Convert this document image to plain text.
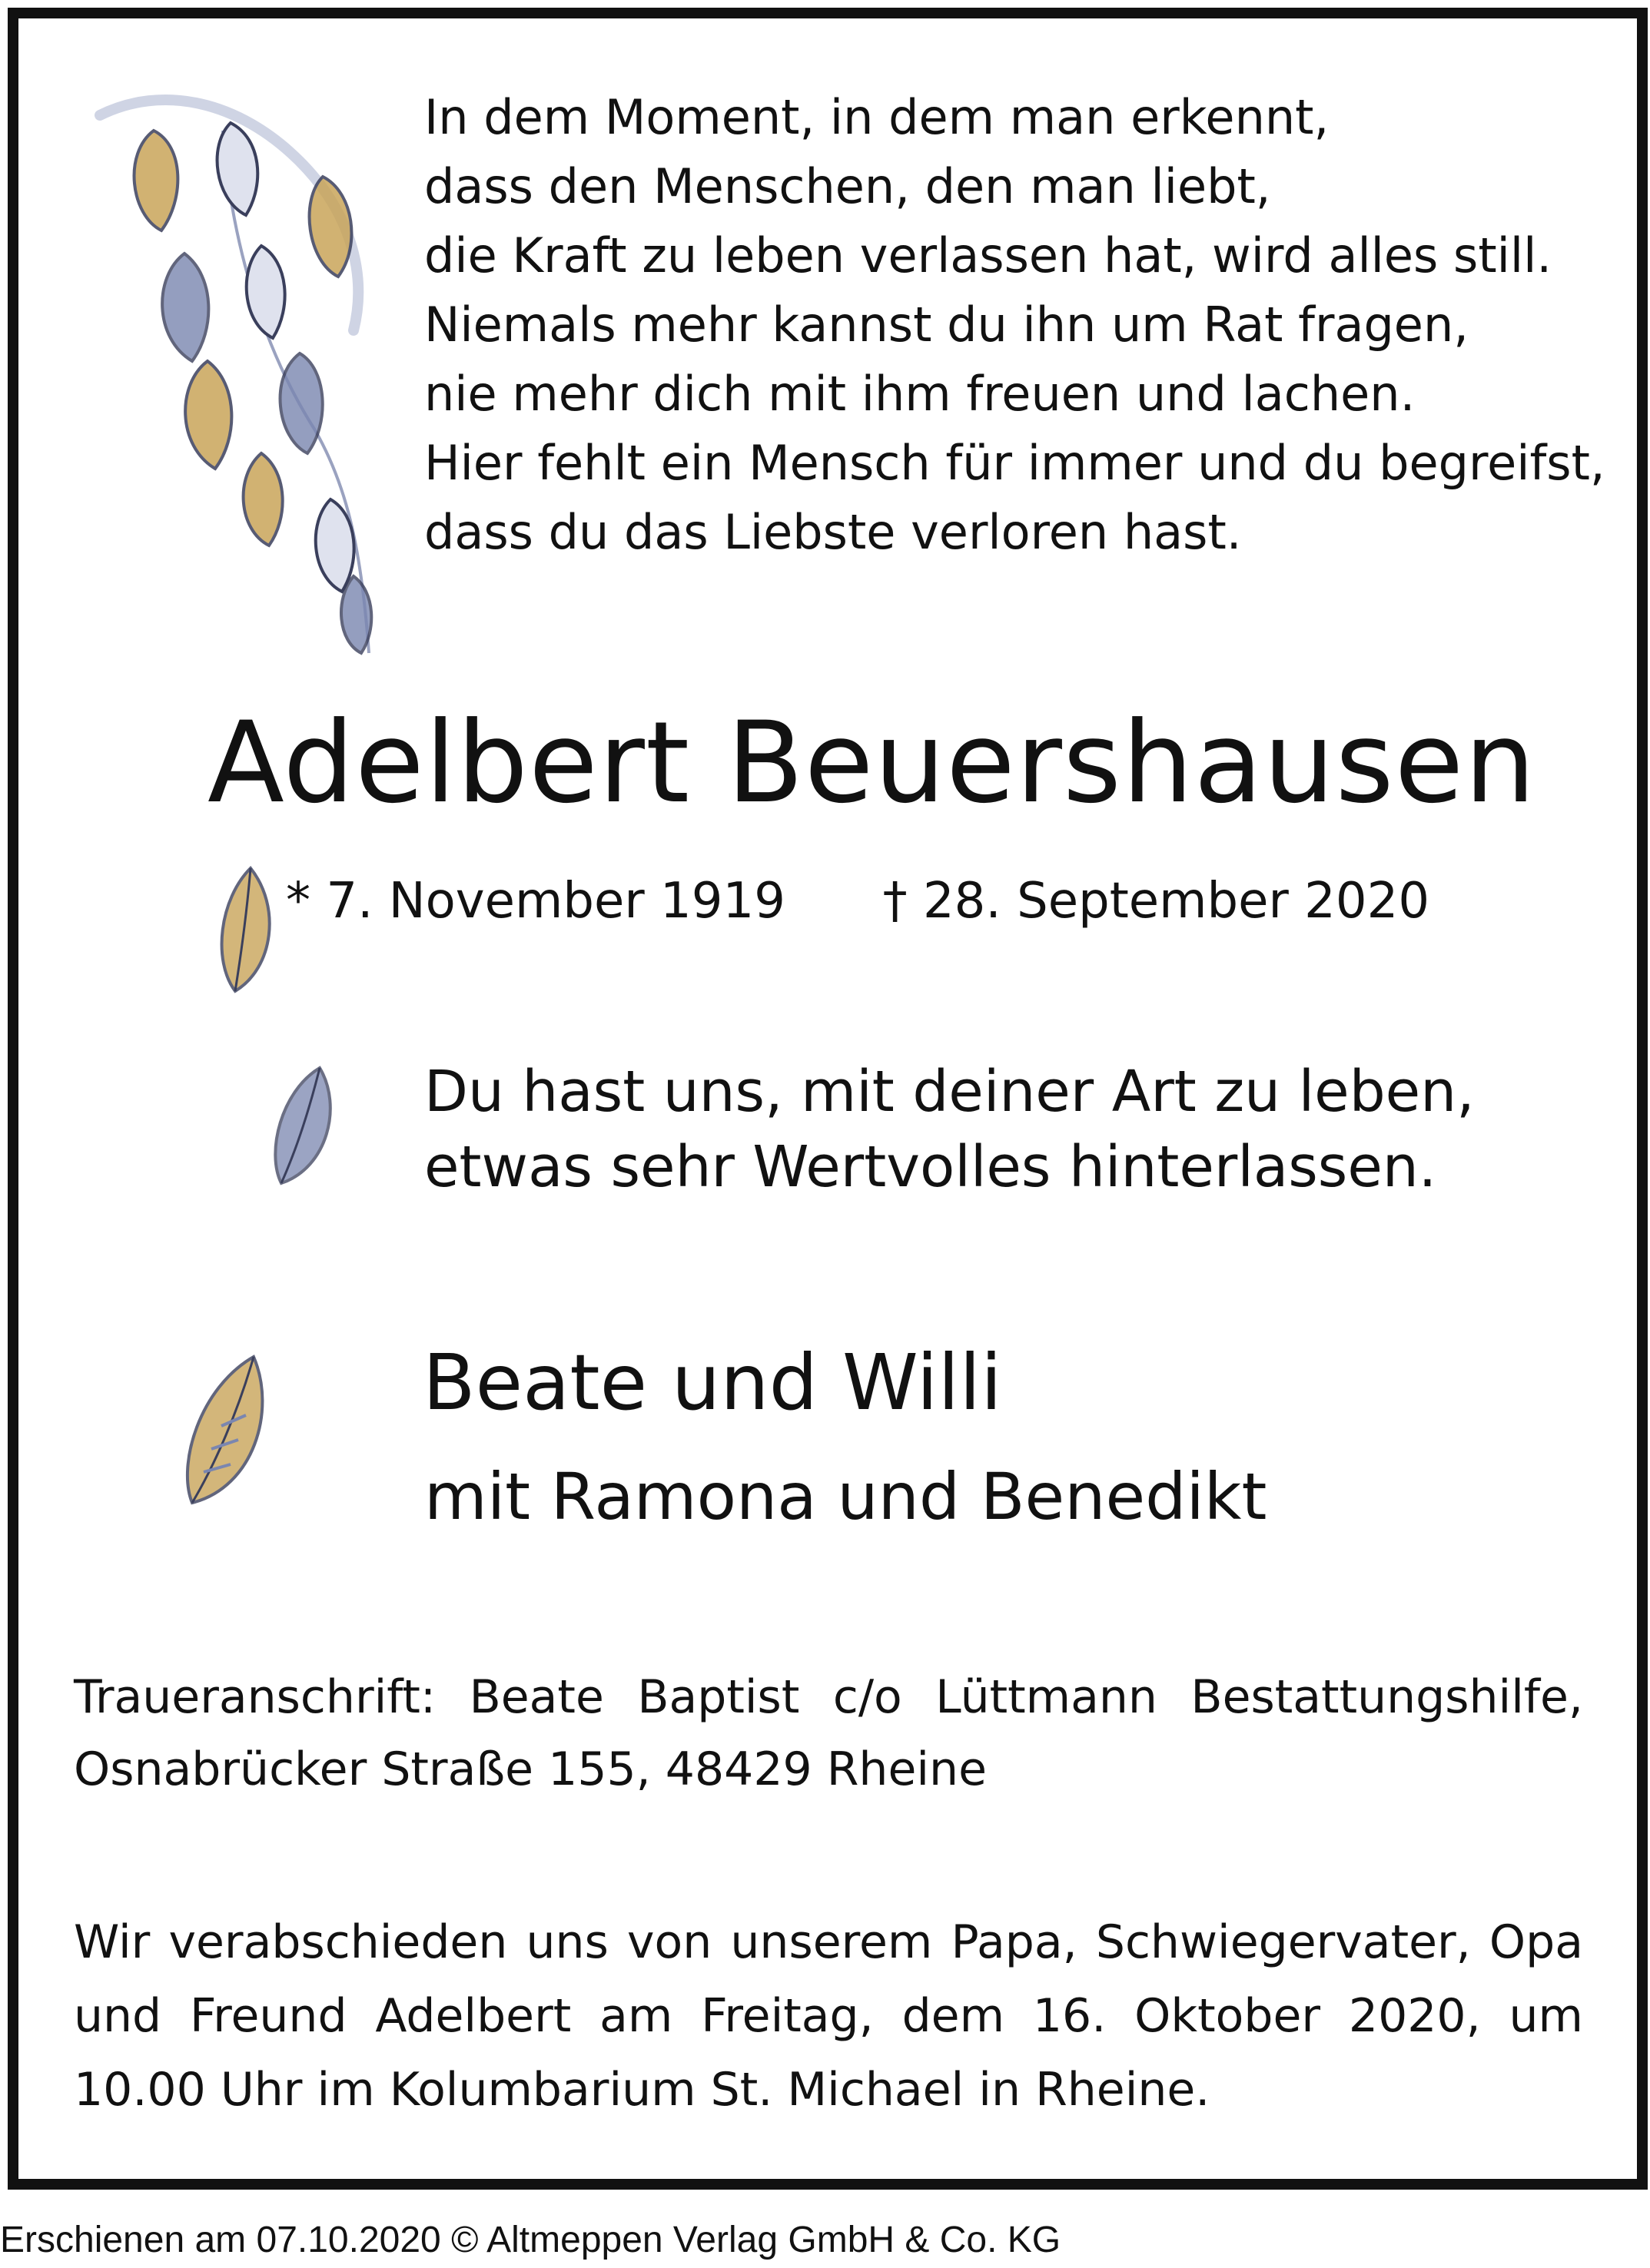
In dem Moment, in dem man erkennt,
dass den Menschen, den man liebt,
die Kraft zu leben verlassen hat, wird alles still.
Niemals mehr kannst du ihn um Rat fragen,
nie mehr dich mit ihm freuen und lachen.
Hier fehlt ein Mensch für immer und du begreifst,
dass du das Liebste verloren hast.
Adelbert Beuershausen
* 7. November 1919 † 28. September 2020
Du hast uns, mit deiner Art zu leben,
etwas sehr Wertvolles hinterlassen.
Beate und Willi
mit Ramona und Benedikt
Traueranschrift: Beate Baptist c/o Lüttmann Bestattungshilfe, Osnabrücker Straße 155, 48429 Rheine
Wir verabschieden uns von unserem Papa, Schwiegervater, Opa und Freund Adelbert am Freitag, dem 16. Oktober 2020, um 10.00 Uhr im Kolumbarium St. Michael in Rheine.
Erschienen am 07.10.2020 © Altmeppen Verlag GmbH & Co. KG
